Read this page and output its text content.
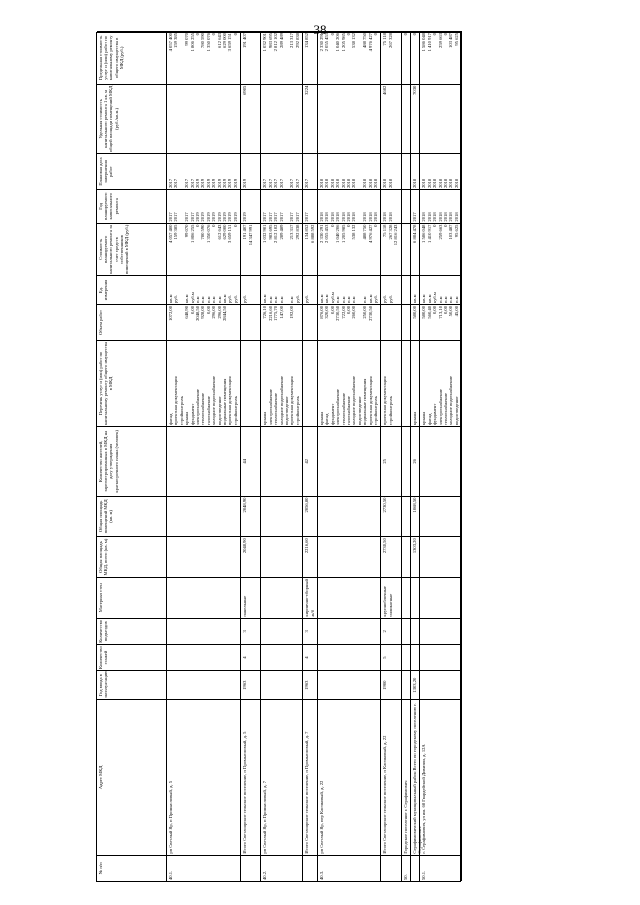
38
№ п/п
Адрес МКД
Год ввода в эксплуатацию
Количество этажей
Количество подъездов
Материал стен
Общая площадь МКД, всего (кв. м)
Общая площадь помещений МКД (кв. м)
Количество жителей, зарегистрированных в МКД на дату утверждения краткосрочного плана (человек)
Перечень услуг и (или) работ по капитальному ремонту общего имущества в МКД
Объем работ
Ед. измерения
Стоимость планируемого капитального ремонта за счет средств собственников помещений в МКД (руб.)
Год планируемого капитального ремонта
Плановая дата завершения работ
Удельная стоимость капитального ремонта 1 кв. м общей площади помещений МКД (руб./кв.м.)
Предельная стоимость услуг и (или) работ по капитальному ремонту общего имущества в МКД (руб.)
40.1.
рп Светлый Яр, п Промысловый, д. 5
фасад проектная документация стройконтроль крыша фундамент электроснабжение теплоснабжение газоснабжение холодное водоснабжение водоотведение подвальные помещения проектная документация стройконтроль
1072,00 648,90 0,00 2048,50 928,00 0,00 296,00 296,00 2844,50
кв.м руб. кв.м куб.м п.м п.м п.м п.м п.м кв.м руб. руб.
4 057 400 159 385 99 070 1 806 255 0 780 590 1 350 076 0 612 643 629 000 3 659 151 0
2017 2017 2017 2017 2019 2019 2019 2019 2019 2019 2019 2019
2017 2017 2017 2017 2019 2019 2019 2019 2019 2019 2019 2019
4 057 400 159 385 99 070 1 806 255 0 780 590 1 350 076 0 612 643 629 000 3 659 151 0
Итого Светлоярское сельское поселение, п Промысловый, д. 5
1963
4
3
панельные
2048,90
2048,90
44
руб.
191 407 14 347 991
2019
2019
6905
191 407
40.2.
рп Светлый Яр, п Промысловый, д. 7
крыша электроснабжение теплоснабжение холодное водоснабжение водоотведение проектная документация стройконтроль
726,10 2216,60 1775,70 147,00 192,00
кв.м п.м п.м п.м п.м руб.
1 032 901 983 695 2 812 102 289 489 213 317 292 838
2017 2017 2017 2017 2017 2017
2017 2017 2017 2017 2017 2017
1 032 901 983 695 2 812 102 289 489 213 317 292 838
Итого Светлоярское сельское поселение, п Промысловый, д. 7
1963
4
3
кирпично-сборный ж/б
2216,60
2056,80
42
руб.
134 852 6 888 592
2017
2017
3224
134 852
40.3.
рп Светлый Яр, пер Клочковый, д. 22
крыша фасад фундамент электроснабжение теплоснабжение газоснабжение холодное водоснабжение водоотведение подвальные помещения проектная документация стройконтроль
876,00 320,00 0,00 2730,50 722,00 0,00 260,00 250,00 2730,50
кв.м кв.м куб.м п.м п.м п.м п.м п.м кв.м руб.
2 330 291 2 055 453 0 1 040 206 1 205 985 0 538 132 488 750 4 976 427 0
2018 2018 2018 2018 2018 2018 2018 2018 2018 2018
2018 2018 2018 2018 2018 2018 2018 2018 2018 2018
2 330 291 2 055 453 0 1 040 206 1 205 985 0 538 132 488 750 4 976 427 0
Итого Светлоярское сельское поселение, п Клочковый, д. 22
1900
5
2
крупноблочные силикатные
2730,50
2730,50
25
проектная документация стройконтроль
руб. руб.
75 118 267 328 12 816 243
2018 2018
2018 2018
4682
75 118 267 328
50.
Городское поселение г. Серафимович
0
Серафимовичский муниципальный район Всего по городскому поселению г. Серафимович
1303,20
1303,20
1068,50
26
крыша
580,00
кв.м
6 884 478
2017
2018
7030
0
50.1.
г. Серафимович, ул им. 68 Гвардейской Дивизии, д. 12А
крыша фасад фундамент электроснабжение теплоснабжение холодное водоснабжение водоотведение
580,00 560,40 0,00 713,10 0,00 50,00 45,00
кв.м кв.м куб.м п.м п.м п.м п.м
1 586 048 1 410 917 0 259 663 0 103 487 95 625
2018 2018 2018 2018 2018 2018 2018
2018 2018 2018 2018 2018 2018 2018
1 586 048 1 410 917 0 259 663 0 103 487 95 625
